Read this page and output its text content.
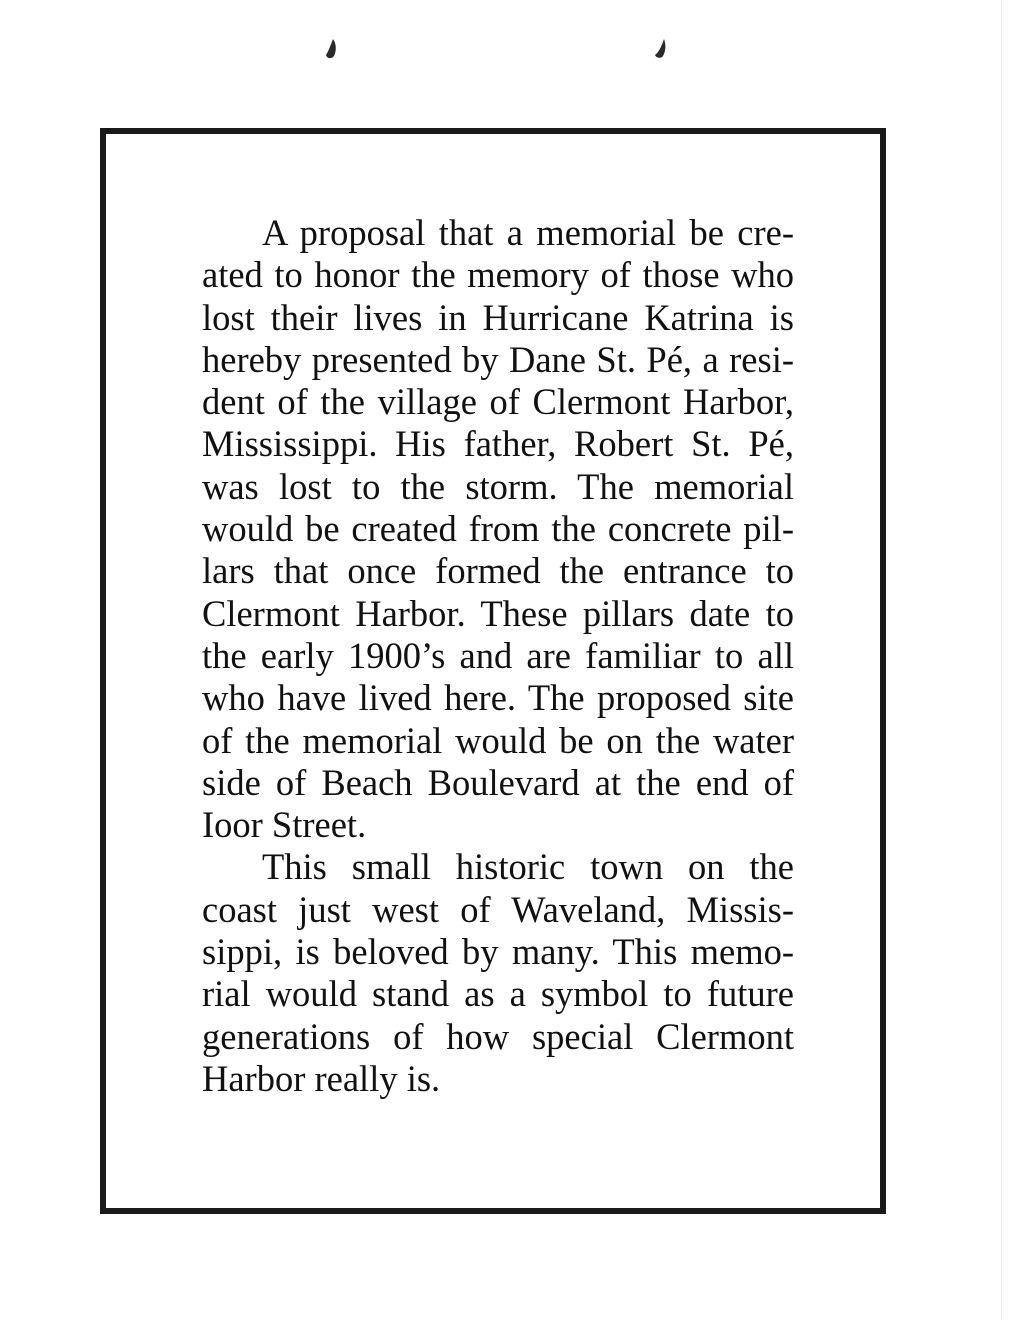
A proposal that a memorial be created to honor the memory of those who lost their lives in Hurricane Katrina is hereby presented by Dane St. Pé, a resident of the village of Clermont Harbor, Mississippi. His father, Robert St. Pé, was lost to the storm. The memorial would be created from the concrete pillars that once formed the entrance to Clermont Harbor. These pillars date to the early 1900’s and are familiar to all who have lived here. The proposed site of the memorial would be on the water side of Beach Boulevard at the end of Ioor Street.

This small historic town on the coast just west of Waveland, Mississippi, is beloved by many. This memorial would stand as a symbol to future generations of how special Clermont Harbor really is.
